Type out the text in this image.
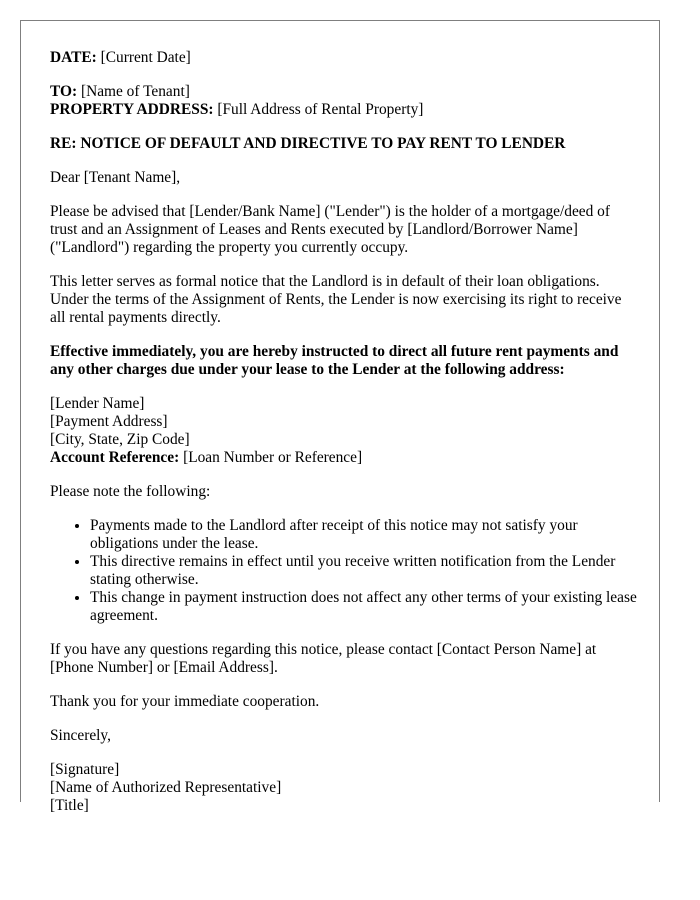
DATE: [Current Date]

TO: [Name of Tenant]
PROPERTY ADDRESS: [Full Address of Rental Property]

RE: NOTICE OF DEFAULT AND DIRECTIVE TO PAY RENT TO LENDER

Dear [Tenant Name],

Please be advised that [Lender/Bank Name] ("Lender") is the holder of a mortgage/deed of trust and an Assignment of Leases and Rents executed by [Landlord/Borrower Name] ("Landlord") regarding the property you currently occupy.

This letter serves as formal notice that the Landlord is in default of their loan obligations. Under the terms of the Assignment of Rents, the Lender is now exercising its right to receive all rental payments directly.

Effective immediately, you are hereby instructed to direct all future rent payments and any other charges due under your lease to the Lender at the following address:

[Lender Name]
[Payment Address]
[City, State, Zip Code]
Account Reference: [Loan Number or Reference]

Please note the following:

• Payments made to the Landlord after receipt of this notice may not satisfy your obligations under the lease.
• This directive remains in effect until you receive written notification from the Lender stating otherwise.
• This change in payment instruction does not affect any other terms of your existing lease agreement.

If you have any questions regarding this notice, please contact [Contact Person Name] at [Phone Number] or [Email Address].

Thank you for your immediate cooperation.

Sincerely,

[Signature]
[Name of Authorized Representative]
[Title]
